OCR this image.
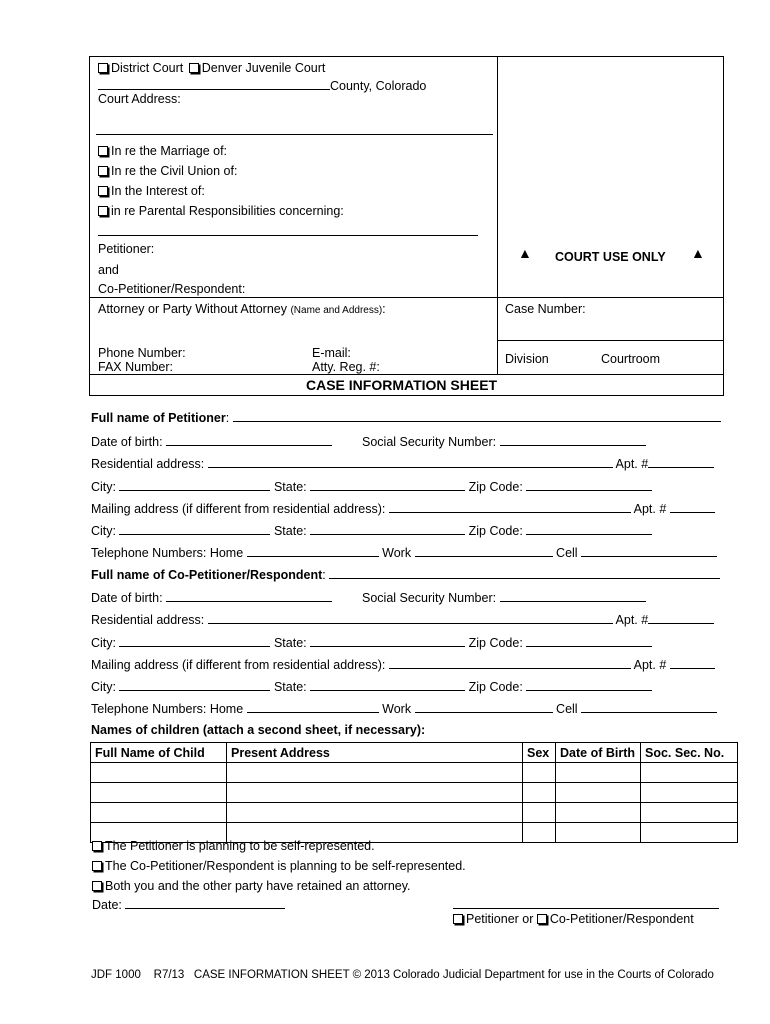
District Court Denver Juvenile Court
County, Colorado
Court Address:
In re the Marriage of:
In re the Civil Union of:
In the Interest of:
in re Parental Responsibilities concerning:
Petitioner:
and
Co-Petitioner/Respondent:
Attorney or Party Without Attorney (Name and Address):
Phone Number:
FAX Number:
E-mail:
Atty. Reg. #:
▲ COURT USE ONLY ▲
Case Number:
Division	Courtroom
CASE INFORMATION SHEET
Full name of Petitioner:
Date of birth:	Social Security Number:
Residential address:	Apt. #
City:	State:	Zip Code:
Mailing address (if different from residential address):	Apt. #
City:	State:	Zip Code:
Telephone Numbers: Home	Work	Cell
Full name of Co-Petitioner/Respondent:
Date of birth:	Social Security Number:
Residential address:	Apt. #
City:	State:	Zip Code:
Mailing address (if different from residential address):	Apt. #
City:	State:	Zip Code:
Telephone Numbers: Home	Work	Cell
Names of children (attach a second sheet, if necessary):
Full Name of Child	Present Address	Sex	Date of Birth	Soc. Sec. No.

The Petitioner is planning to be self-represented.
The Co-Petitioner/Respondent is planning to be self-represented.
Both you and the other party have retained an attorney.
Date:
Petitioner or Co-Petitioner/Respondent
JDF 1000    R7/13   CASE INFORMATION SHEET © 2013 Colorado Judicial Department for use in the Courts of Colorado
